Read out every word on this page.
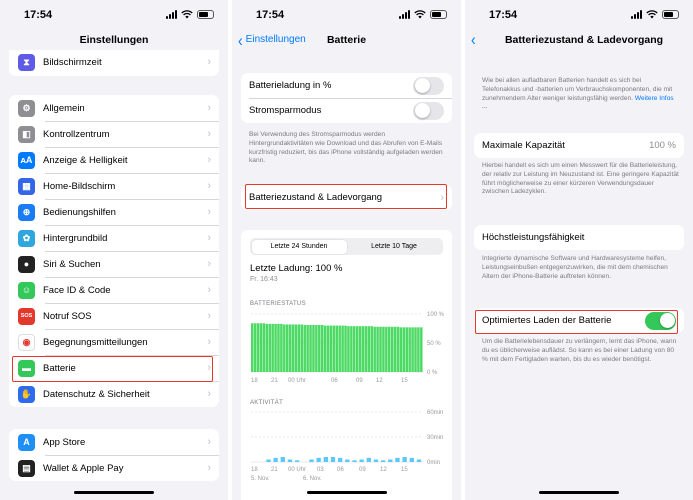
17:54
Einstellungen
⧗	Bildschirmzeit	›
⚙	Allgemein	›
◧	Kontrollzentrum	›
ᴀA Anzeige & Helligkeit	›
▦	Home-Bildschirm	›
⊕	Bedienungshilfen	›
✿	Hintergrundbild	›
●	Siri & Suchen	›
☺	Face ID & Code	›
SOS Notruf SOS	›
◉ Begegnungsmitteilungen	›
▬	Batterie	›
✋	Datenschutz & Sicherheit	›
A	App Store	›
▤	Wallet & Apple Pay	›
17:54
‹ Einstellungen	Batterie
Batterieladung in %
Stromsparmodus
Bei Verwendung des Stromsparmodus werden Hintergrundaktivitäten wie Download und das Abrufen von E-Mails kurzfristig reduziert, bis das iPhone vollständig aufgeladen werden kann.
Batteriezustand & Ladevorgang	›
Letzte 24 Stunden	Letzte 10 Tage
Letzte Ladung: 100 %
Fr. 16:43
BATTERIESTATUS
100 %
50 %
0 %
18 21 00 Uhr	06	09 12	15
AKTIVITÄT
60min
30min
0min
18 21 00 Uhr 03 06	09 12 15
5. Nov.	6. Nov.
17:54
‹	Batteriezustand & Ladevorgang
Wie bei allen aufladbaren Batterien handelt es sich bei Telefonakkus und -batterien um Verbrauchskomponenten, die mit zunehmendem Alter weniger leistungsfähig werden. Weitere Infos ...
Maximale Kapazität	100 %
Hierbei handelt es sich um einen Messwert für die Batterieleistung, der relativ zur Leistung im Neuzustand ist. Eine geringere Kapazität führt möglicherweise zu einer kürzeren Verwendungsdauer zwischen Ladezyklen.
Höchstleistungsfähigkeit
Integrierte dynamische Software und Hardwaresysteme helfen, Leistungseinbußen entgegenzuwirken, die mit dem chemischen Altern der iPhone-Batterie auftreten können.
Optimiertes Laden der Batterie
Um die Batterielebensdauer zu verlängern, lernt das iPhone, wann du es üblicherweise auflädst. So kann es bei einer Ladung von 80 % mit dem Fertigladen warten, bis du es wieder benötigst.
